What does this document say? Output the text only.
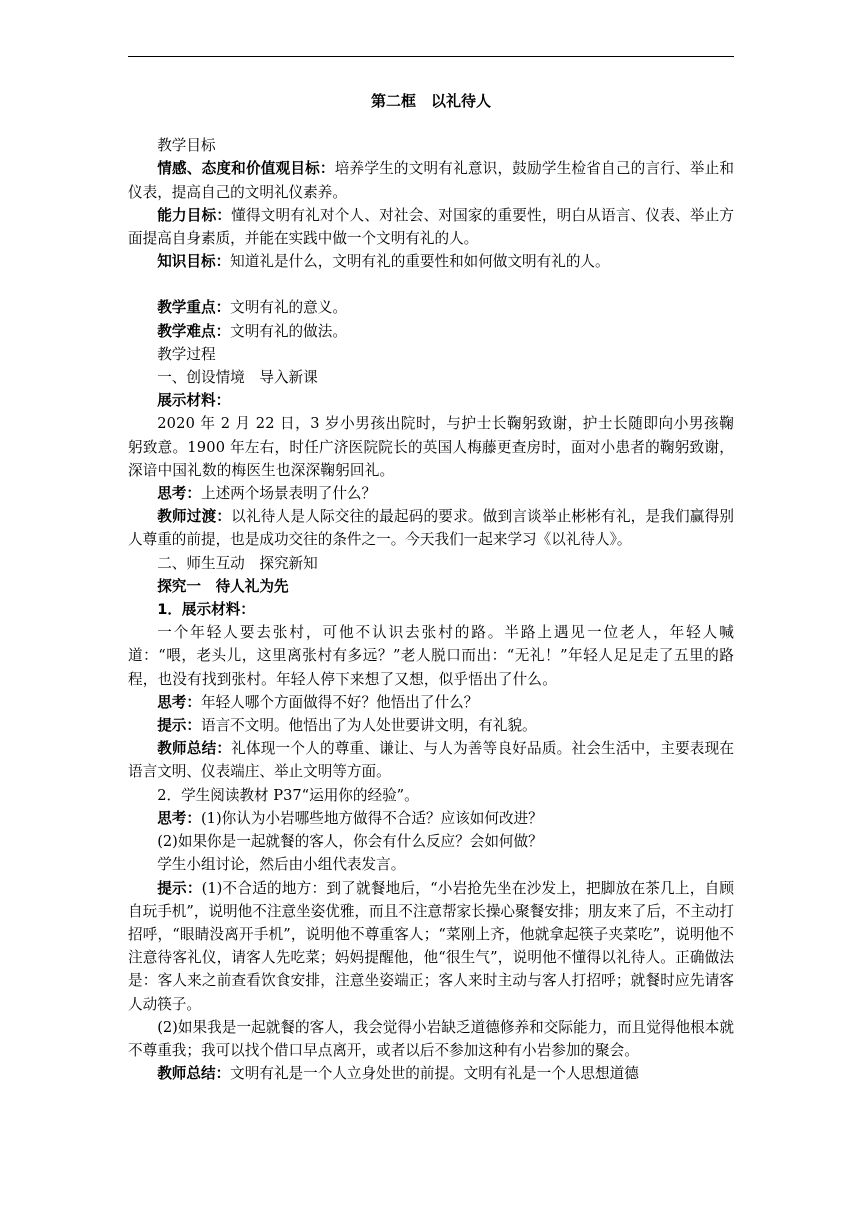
第二框　以礼待人

教学目标

情感、态度和价值观目标：培养学生的文明有礼意识，鼓励学生检省自己的言行、举止和仪表，提高自己的文明礼仪素养。

能力目标：懂得文明有礼对个人、对社会、对国家的重要性，明白从语言、仪表、举止方面提高自身素质，并能在实践中做一个文明有礼的人。

知识目标：知道礼是什么，文明有礼的重要性和如何做文明有礼的人。

教学重点：文明有礼的意义。

教学难点：文明有礼的做法。

教学过程

一、创设情境　导入新课

展示材料：

2020 年 2 月 22 日，3 岁小男孩出院时，与护士长鞠躬致谢，护士长随即向小男孩鞠躬致意。1900 年左右，时任广济医院院长的英国人梅藤更查房时，面对小患者的鞠躬致谢，深谙中国礼数的梅医生也深深鞠躬回礼。

思考：上述两个场景表明了什么？

教师过渡：以礼待人是人际交往的最起码的要求。做到言谈举止彬彬有礼，是我们赢得别人尊重的前提，也是成功交往的条件之一。今天我们一起来学习《以礼待人》。

二、师生互动　探究新知

探究一　待人礼为先

1．展示材料：

一个年轻人要去张村，可他不认识去张村的路。半路上遇见一位老人，年轻人喊道：“喂，老头儿，这里离张村有多远？”老人脱口而出：“无礼！”年轻人足足走了五里的路程，也没有找到张村。年轻人停下来想了又想，似乎悟出了什么。

思考：年轻人哪个方面做得不好？他悟出了什么？

提示：语言不文明。他悟出了为人处世要讲文明，有礼貌。

教师总结：礼体现一个人的尊重、谦让、与人为善等良好品质。社会生活中，主要表现在语言文明、仪表端庄、举止文明等方面。

2．学生阅读教材 P37“运用你的经验”。

思考：(1)你认为小岩哪些地方做得不合适？应该如何改进？

(2)如果你是一起就餐的客人，你会有什么反应？会如何做？

学生小组讨论，然后由小组代表发言。

提示：(1)不合适的地方：到了就餐地后，“小岩抢先坐在沙发上，把脚放在茶几上，自顾自玩手机”，说明他不注意坐姿优雅，而且不注意帮家长操心聚餐安排；朋友来了后，不主动打招呼，“眼睛没离开手机”，说明他不尊重客人；“菜刚上齐，他就拿起筷子夹菜吃”，说明他不注意待客礼仪，请客人先吃菜；妈妈提醒他，他“很生气”，说明他不懂得以礼待人。正确做法是：客人来之前查看饮食安排，注意坐姿端正；客人来时主动与客人打招呼；就餐时应先请客人动筷子。

(2)如果我是一起就餐的客人，我会觉得小岩缺乏道德修养和交际能力，而且觉得他根本就不尊重我；我可以找个借口早点离开，或者以后不参加这种有小岩参加的聚会。

教师总结：文明有礼是一个人立身处世的前提。文明有礼是一个人思想道德
